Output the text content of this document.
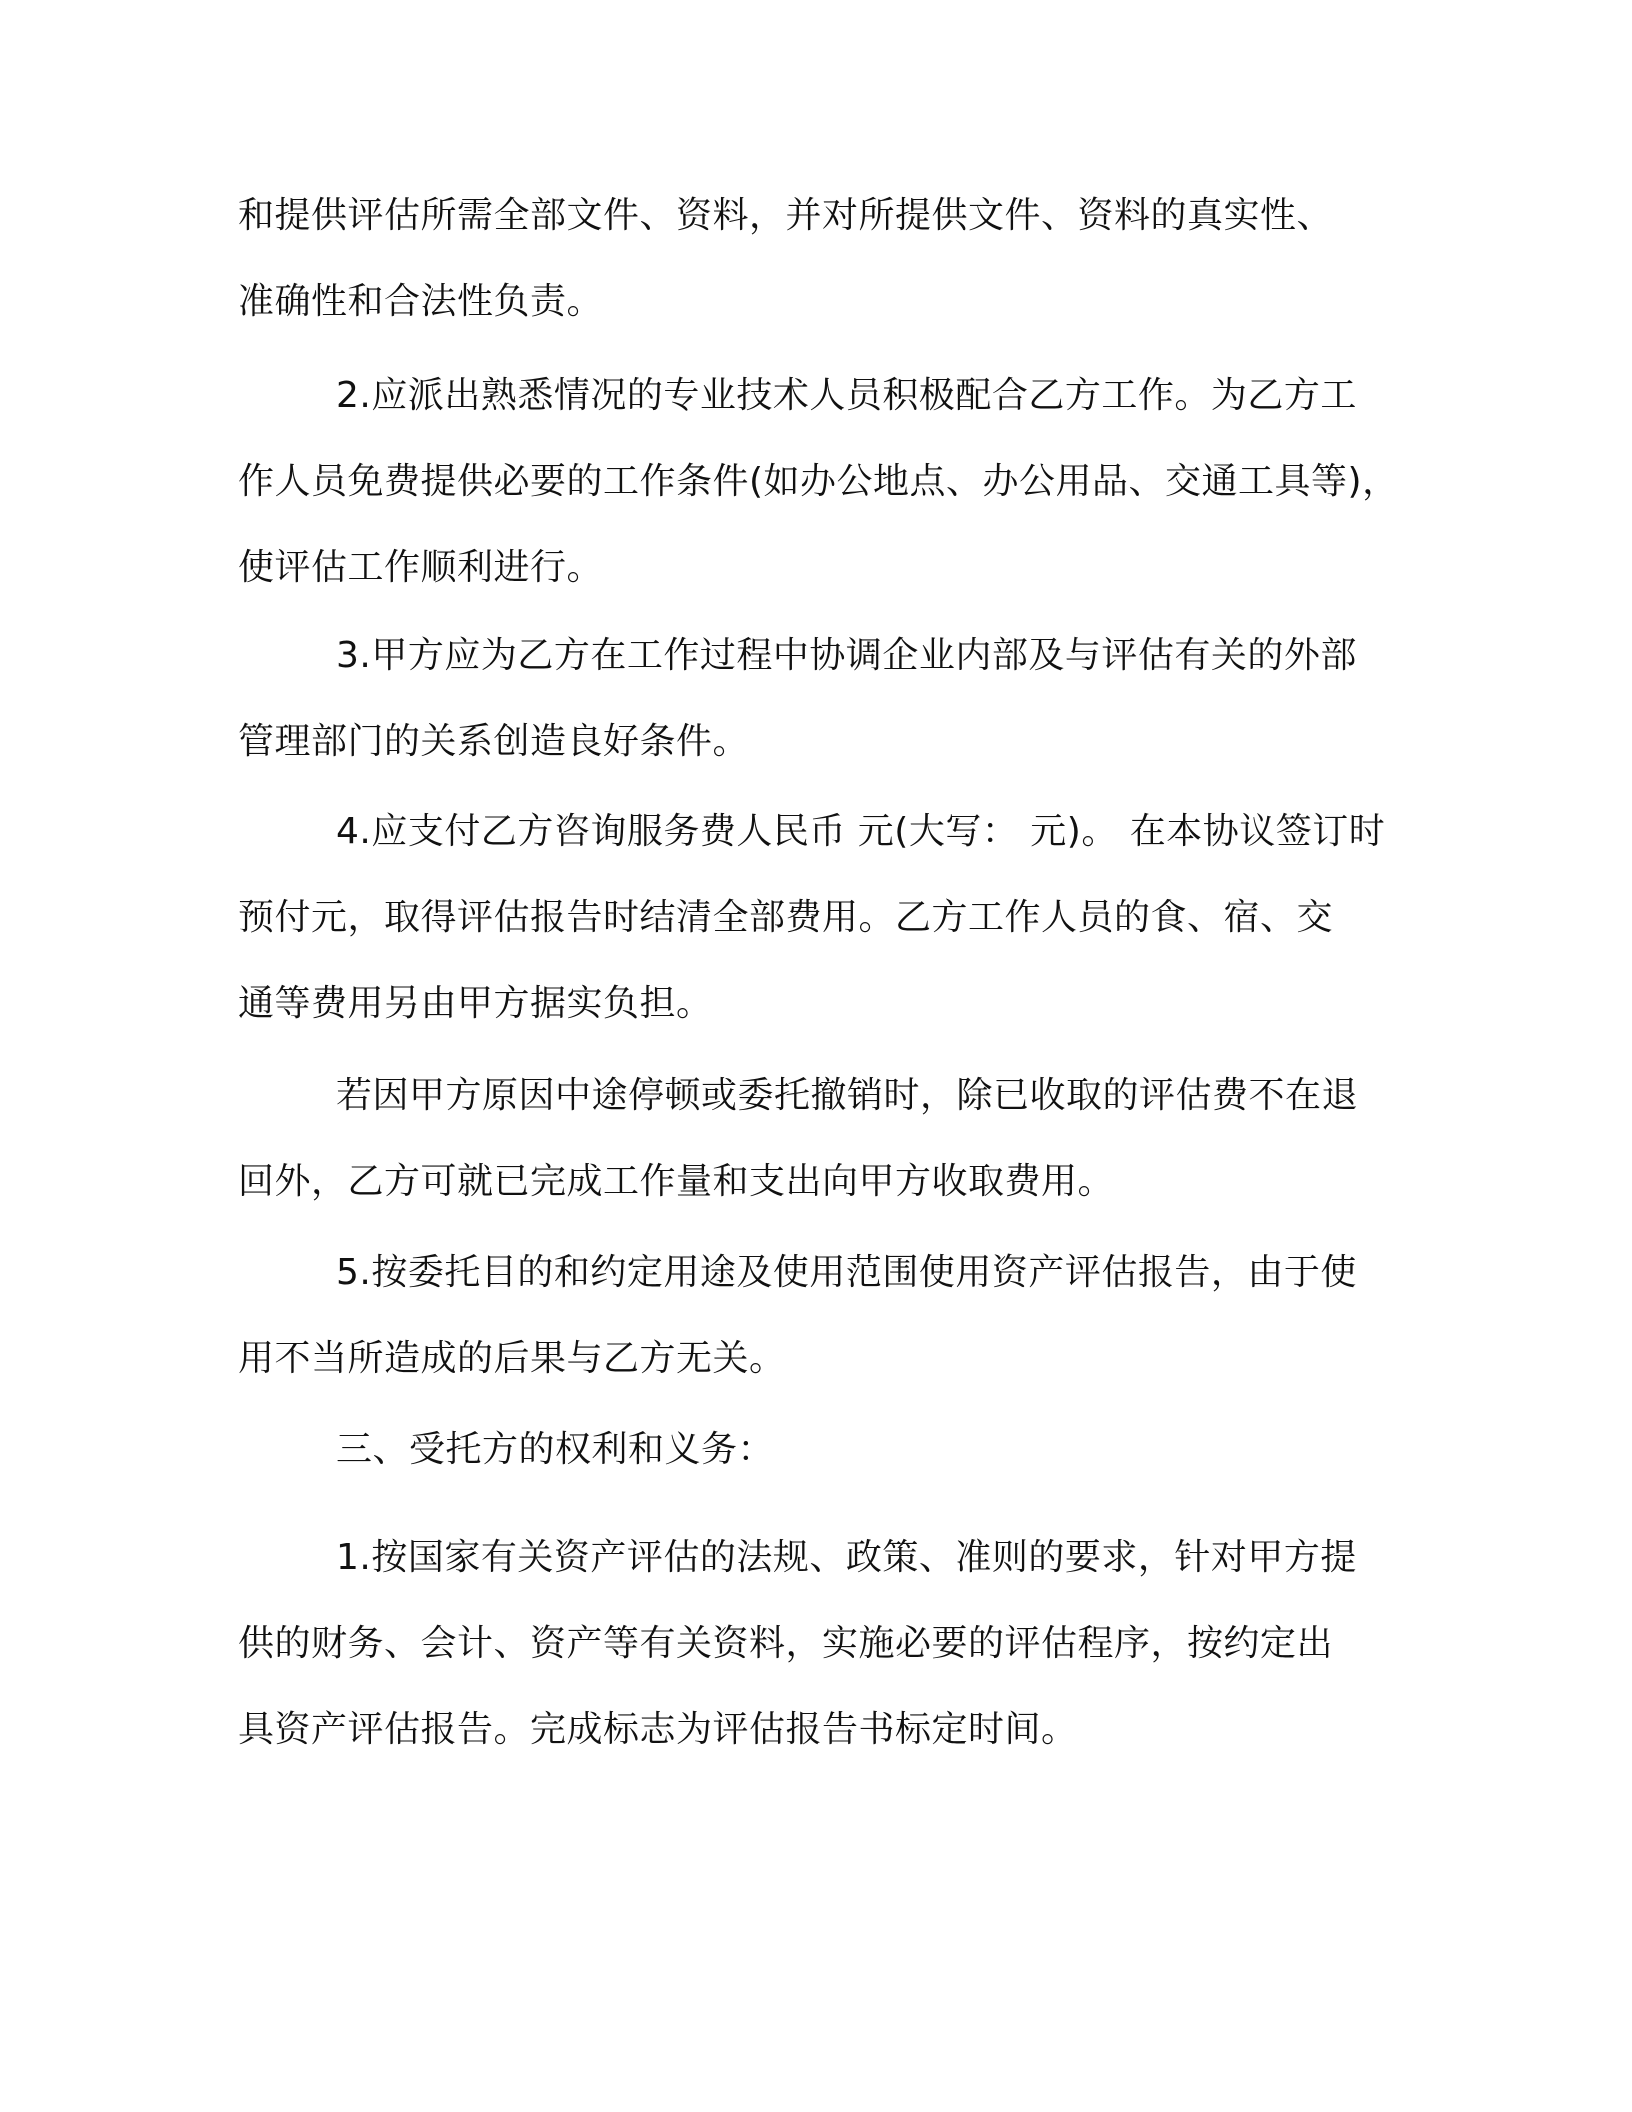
和提供评估所需全部文件、资料，并对所提供文件、资料的真实性、
准确性和合法性负责。
2.应派出熟悉情况的专业技术人员积极配合乙方工作。为乙方工
作人员免费提供必要的工作条件(如办公地点、办公用品、交通工具等)，
使评估工作顺利进行。
3.甲方应为乙方在工作过程中协调企业内部及与评估有关的外部
管理部门的关系创造良好条件。
4.应支付乙方咨询服务费人民币 元(大写： 元)。 在本协议签订时
预付元，取得评估报告时结清全部费用。乙方工作人员的食、宿、交
通等费用另由甲方据实负担。
若因甲方原因中途停顿或委托撤销时，除已收取的评估费不在退
回外，乙方可就已完成工作量和支出向甲方收取费用。
5.按委托目的和约定用途及使用范围使用资产评估报告，由于使
用不当所造成的后果与乙方无关。
三、受托方的权利和义务：
1.按国家有关资产评估的法规、政策、准则的要求，针对甲方提
供的财务、会计、资产等有关资料，实施必要的评估程序，按约定出
具资产评估报告。完成标志为评估报告书标定时间。
